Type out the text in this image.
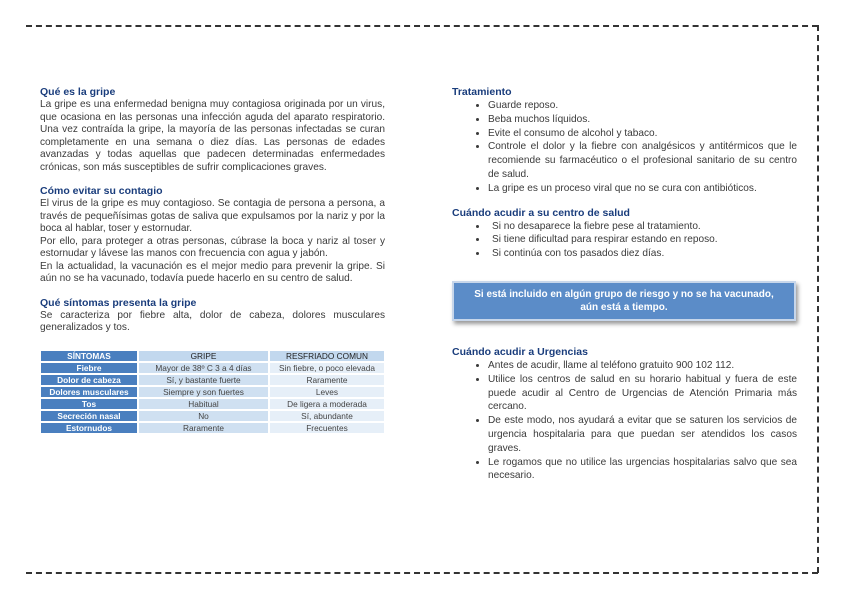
Qué es la gripe

La gripe es una enfermedad benigna muy contagiosa originada por un virus, que ocasiona en las personas una infección aguda del aparato respiratorio. Una vez contraída la gripe, la mayoría de las personas infectadas se curan completamente en una semana o diez días. Las personas de edades avanzadas y todas aquellas que padecen determinadas enfermedades crónicas, son más susceptibles de sufrir complicaciones graves.

Cómo evitar su contagio

El virus de la gripe es muy contagioso. Se contagia de persona a persona, a través de pequeñísimas gotas de saliva que expulsamos por la nariz y por la boca al hablar, toser y estornudar.

Por ello, para proteger a otras personas, cúbrase la boca y nariz al toser y estornudar y lávese las manos con frecuencia con agua y jabón.

En la actualidad, la vacunación es el mejor medio para prevenir la gripe. Si aún no se ha vacunado, todavía puede hacerlo en su centro de salud.

Qué síntomas presenta la gripe

Se caracteriza por fiebre alta, dolor de cabeza, dolores musculares generalizados y tos.

SÍNTOMAS	GRIPE	RESFRIADO COMUN
Fiebre	Mayor de 38º C 3 a 4 días	Sin fiebre, o poco elevada
Dolor de cabeza	Sí, y bastante fuerte	Raramente
Dolores musculares	Siempre y son fuertes	Leves
Tos	Habitual	De ligera a moderada
Secreción nasal	No	Sí, abundante
Estornudos	Raramente	Frecuentes
Tratamiento
• Guarde reposo.
• Beba muchos líquidos.
• Evite el consumo de alcohol y tabaco.
• Controle el dolor y la fiebre con analgésicos y antitérmicos que le recomiende su farmacéutico o el profesional sanitario de su centro de salud.
• La gripe es un proceso viral que no se cura con antibióticos.
Cuándo acudir a su centro de salud
• Si no desaparece la fiebre pese al tratamiento.
• Si tiene dificultad para respirar estando en reposo.
• Si continúa con tos pasados diez días.
Si está incluido en algún grupo de riesgo y no se ha vacunado, aún está a tiempo.
Cuándo acudir a Urgencias
• Antes de acudir, llame al teléfono gratuito 900 102 112.
• Utilice los centros de salud en su horario habitual y fuera de este puede acudir al Centro de Urgencias de Atención Primaria más cercano.
• De este modo, nos ayudará a evitar que se saturen los servicios de urgencia hospitalaria para que puedan ser atendidos los casos graves.
• Le rogamos que no utilice las urgencias hospitalarias salvo que sea necesario.
